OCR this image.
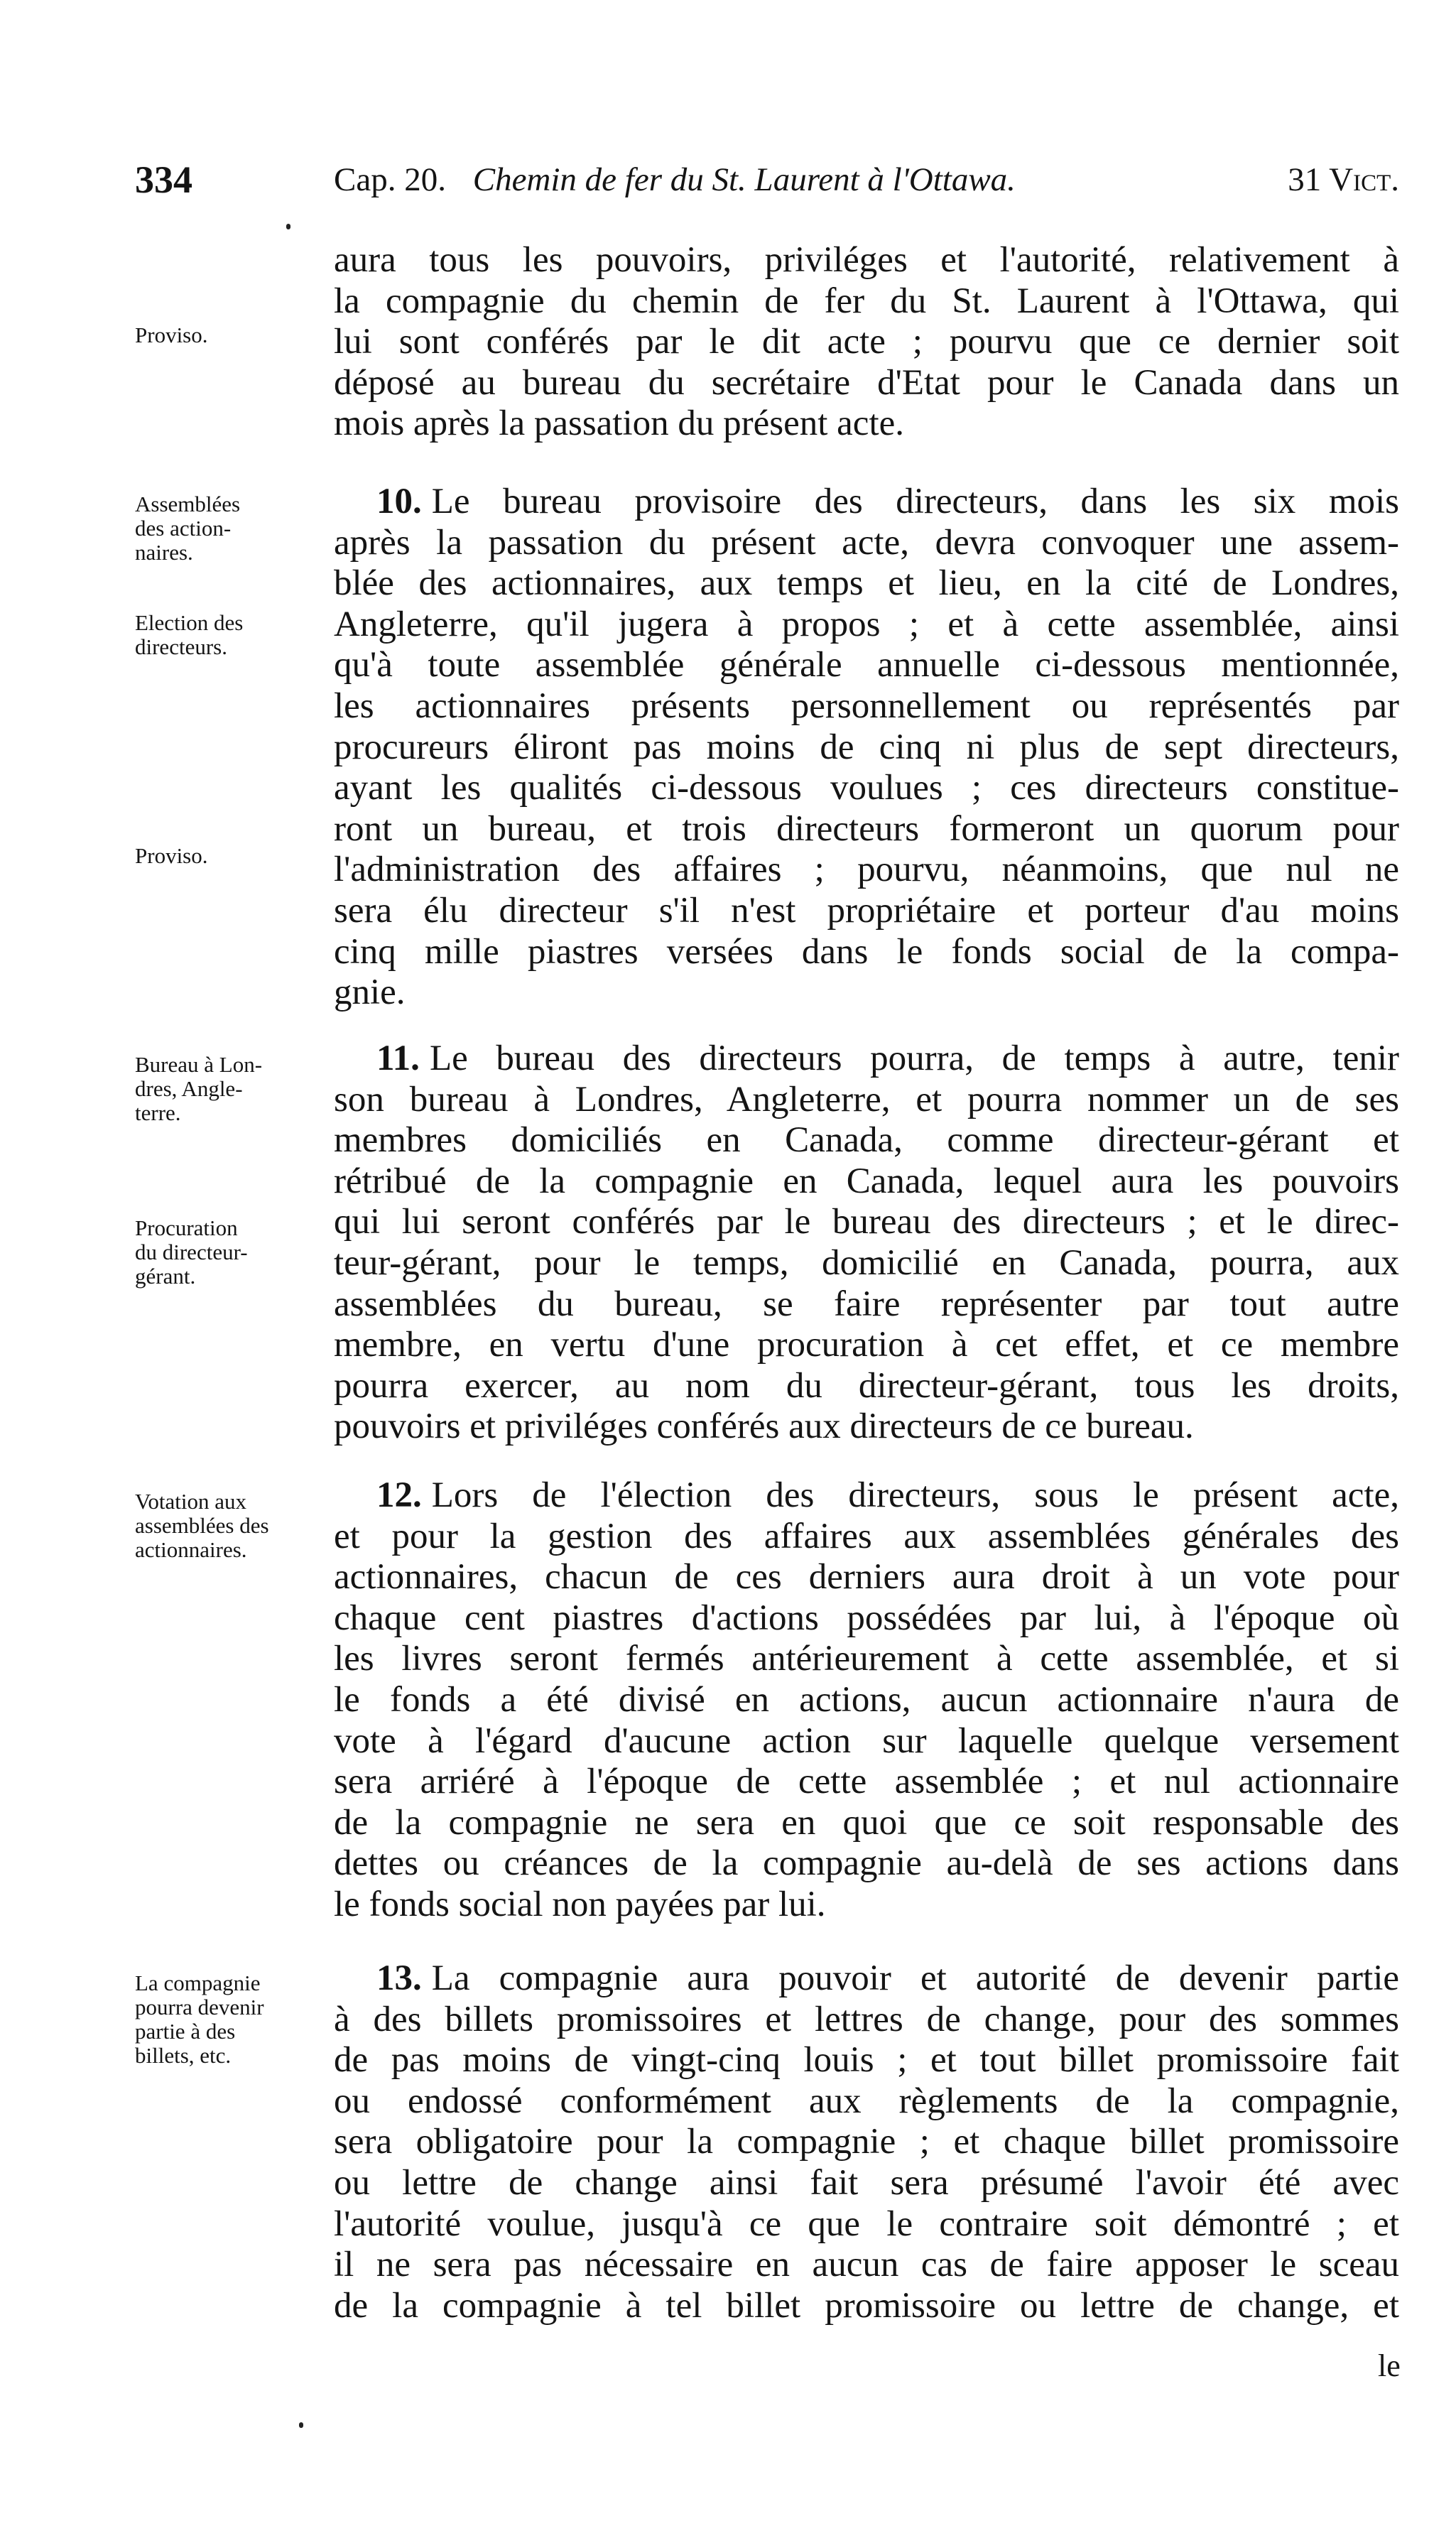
334	Cap. 20. Chemin de fer du St. Laurent à l'Ottawa.	31 Vict.
Proviso.
Assemblées
des action-
naires.
Election des
directeurs.
Proviso.
Bureau à Lon-
dres, Angle-
terre.
Procuration
du directeur-
gérant.
Votation aux
assemblées des
actionnaires.
La compagnie
pourra devenir
partie à des
billets, etc.
aura tous les pouvoirs, priviléges et l'autorité, relativement à
la compagnie du chemin de fer du St. Laurent à l'Ottawa, qui
lui sont conférés par le dit acte ; pourvu que ce dernier soit
déposé au bureau du secrétaire d'Etat pour le Canada dans un
mois après la passation du présent acte.
10. Le bureau provisoire des directeurs, dans les six mois
après la passation du présent acte, devra convoquer une assem-
blée des actionnaires, aux temps et lieu, en la cité de Londres,
Angleterre, qu'il jugera à propos ; et à cette assemblée, ainsi
qu'à toute assemblée générale annuelle ci-dessous mentionnée,
les actionnaires présents personnellement ou représentés par
procureurs éliront pas moins de cinq ni plus de sept directeurs,
ayant les qualités ci-dessous voulues ; ces directeurs constitue-
ront un bureau, et trois directeurs formeront un quorum pour
l'administration des affaires ; pourvu, néanmoins, que nul ne
sera élu directeur s'il n'est propriétaire et porteur d'au moins
cinq mille piastres versées dans le fonds social de la compa-
gnie.
11. Le bureau des directeurs pourra, de temps à autre, tenir
son bureau à Londres, Angleterre, et pourra nommer un de ses
membres domiciliés en Canada, comme directeur-gérant et
rétribué de la compagnie en Canada, lequel aura les pouvoirs
qui lui seront conférés par le bureau des directeurs ; et le direc-
teur-gérant, pour le temps, domicilié en Canada, pourra, aux
assemblées du bureau, se faire représenter par tout autre
membre, en vertu d'une procuration à cet effet, et ce membre
pourra exercer, au nom du directeur-gérant, tous les droits,
pouvoirs et priviléges conférés aux directeurs de ce bureau.
12. Lors de l'élection des directeurs, sous le présent acte,
et pour la gestion des affaires aux assemblées générales des
actionnaires, chacun de ces derniers aura droit à un vote pour
chaque cent piastres d'actions possédées par lui, à l'époque où
les livres seront fermés antérieurement à cette assemblée, et si
le fonds a été divisé en actions, aucun actionnaire n'aura de
vote à l'égard d'aucune action sur laquelle quelque versement
sera arriéré à l'époque de cette assemblée ; et nul actionnaire
de la compagnie ne sera en quoi que ce soit responsable des
dettes ou créances de la compagnie au-delà de ses actions dans
le fonds social non payées par lui.
13. La compagnie aura pouvoir et autorité de devenir partie
à des billets promissoires et lettres de change, pour des sommes
de pas moins de vingt-cinq louis ; et tout billet promissoire fait
ou endossé conformément aux règlements de la compagnie,
sera obligatoire pour la compagnie ; et chaque billet promissoire
ou lettre de change ainsi fait sera présumé l'avoir été avec
l'autorité voulue, jusqu'à ce que le contraire soit démontré ; et
il ne sera pas nécessaire en aucun cas de faire apposer le sceau
de la compagnie à tel billet promissoire ou lettre de change, et
le
